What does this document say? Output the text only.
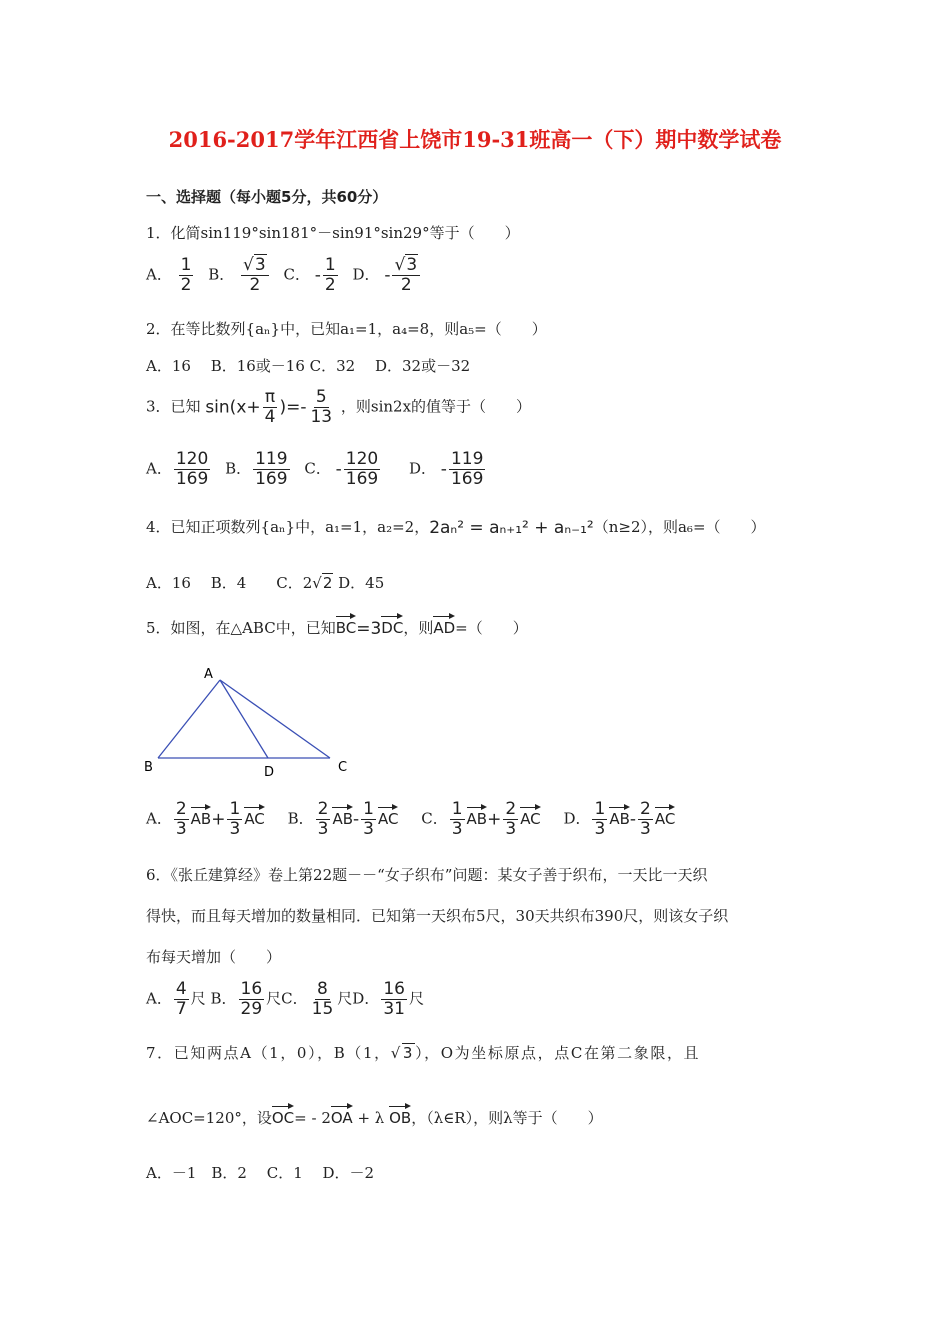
2016-2017学年江西省上饶市19-31班高一（下）期中数学试卷
一、选择题（每小题5分，共60分）
1．化简sin119°sin181°－sin91°sin29°等于（　　）
A． $\frac{1}{2}$ B． $\frac{√3}{2}$ C． - $\frac{1}{2}$ D． - $\frac{√3}{2}$
2．在等比数列{aₙ}中，已知a₁=1，a₄=8，则a₅=（　　）
A．16　 B．16或－16 C．32　 D．32或－32
3．已知 $\sin(x+ \frac{\pi}{4}$ )=- $\frac{5}{13}$ ，则sin2x的值等于（　　）
A． $\frac{120}{169}$ B． $\frac{119}{169}$ C． - $\frac{120}{169}$ D． - $\frac{119}{169}$
4．已知正项数列{aₙ}中，a₁=1，a₂=2，2aₙ² = aₙ₊₁² + aₙ₋₁²（n≥2），则a₆=（　　）
A．16　 B．4　　C．2√2 D．45
5．如图，在△ABC中，已知BC=3DC，则AD=（　　）
A
B	D	C
A． $\frac{2}{3} AB+ \frac{1}{3}$ AC B． $\frac{2}{3} AB- \frac{1}{3}$ AC C． $\frac{1}{3} AB+ \frac{2}{3}$ AC D． $\frac{1}{3} AB- \frac{2}{3}$ AC
6．《张丘建算经》卷上第22题－－“女子织布”问题：某女子善于织布，一天比一天织
得快，而且每天增加的数量相同．已知第一天织布5尺，30天共织布390尺，则该女子织
布每天增加（　　）
A． $\frac{4}{7}$ 尺 B． $\frac{16}{29}$ 尺C． $\frac{8}{15}$ 尺D． $\frac{16}{31}$ 尺
7．已知两点A（1，0），B（1，√3），O为坐标原点，点C在第二象限，且
∠AOC=120°，设OC= - 2OA + λ OB，（λ∈R），则λ等于（　　）
A．－1　B．2　 C．1　 D．－2
